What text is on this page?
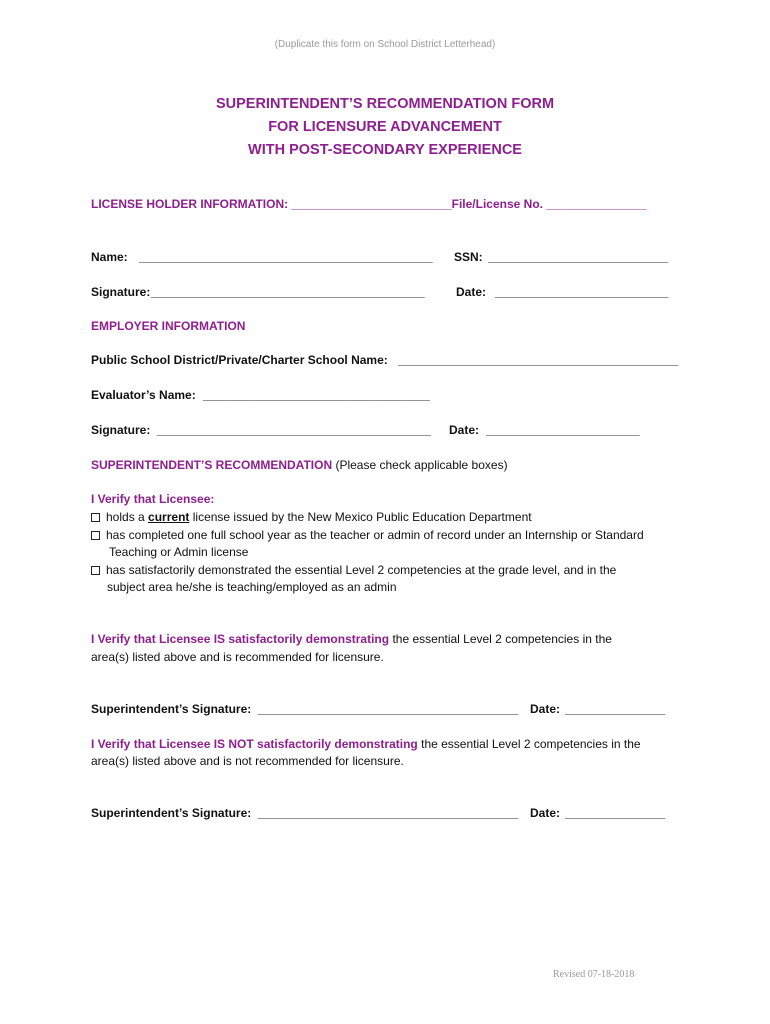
(Duplicate this form on School District Letterhead)
SUPERINTENDENT’S RECOMMENDATION FORM
FOR LICENSURE ADVANCEMENT
WITH POST-SECONDARY EXPERIENCE
LICENSE HOLDER INFORMATION: ________________________File/License No. _______________
Name: ____________________________________________ SSN: ___________________________
Signature: _________________________________________	Date: __________________________
EMPLOYER INFORMATION
Public School District/Private/Charter School Name: __________________________________________
Evaluator’s Name: __________________________________
Signature: _________________________________________ Date: _______________________
SUPERINTENDENT’S RECOMMENDATION (Please check applicable boxes)
I Verify that Licensee:
holds a current license issued by the New Mexico Public Education Department
has completed one full school year as the teacher or admin of record under an Internship or Standard
Teaching or Admin license
has satisfactorily demonstrated the essential Level 2 competencies at the grade level, and in the
subject area he/she is teaching/employed as an admin
I Verify that Licensee IS satisfactorily demonstrating the essential Level 2 competencies in the
area(s) listed above and is recommended for licensure.
Superintendent’s Signature: _______________________________________ Date: _______________
I Verify that Licensee IS NOT satisfactorily demonstrating the essential Level 2 competencies in the
area(s) listed above and is not recommended for licensure.
Superintendent’s Signature: _______________________________________ Date: _______________
Revised 07-18-2018
